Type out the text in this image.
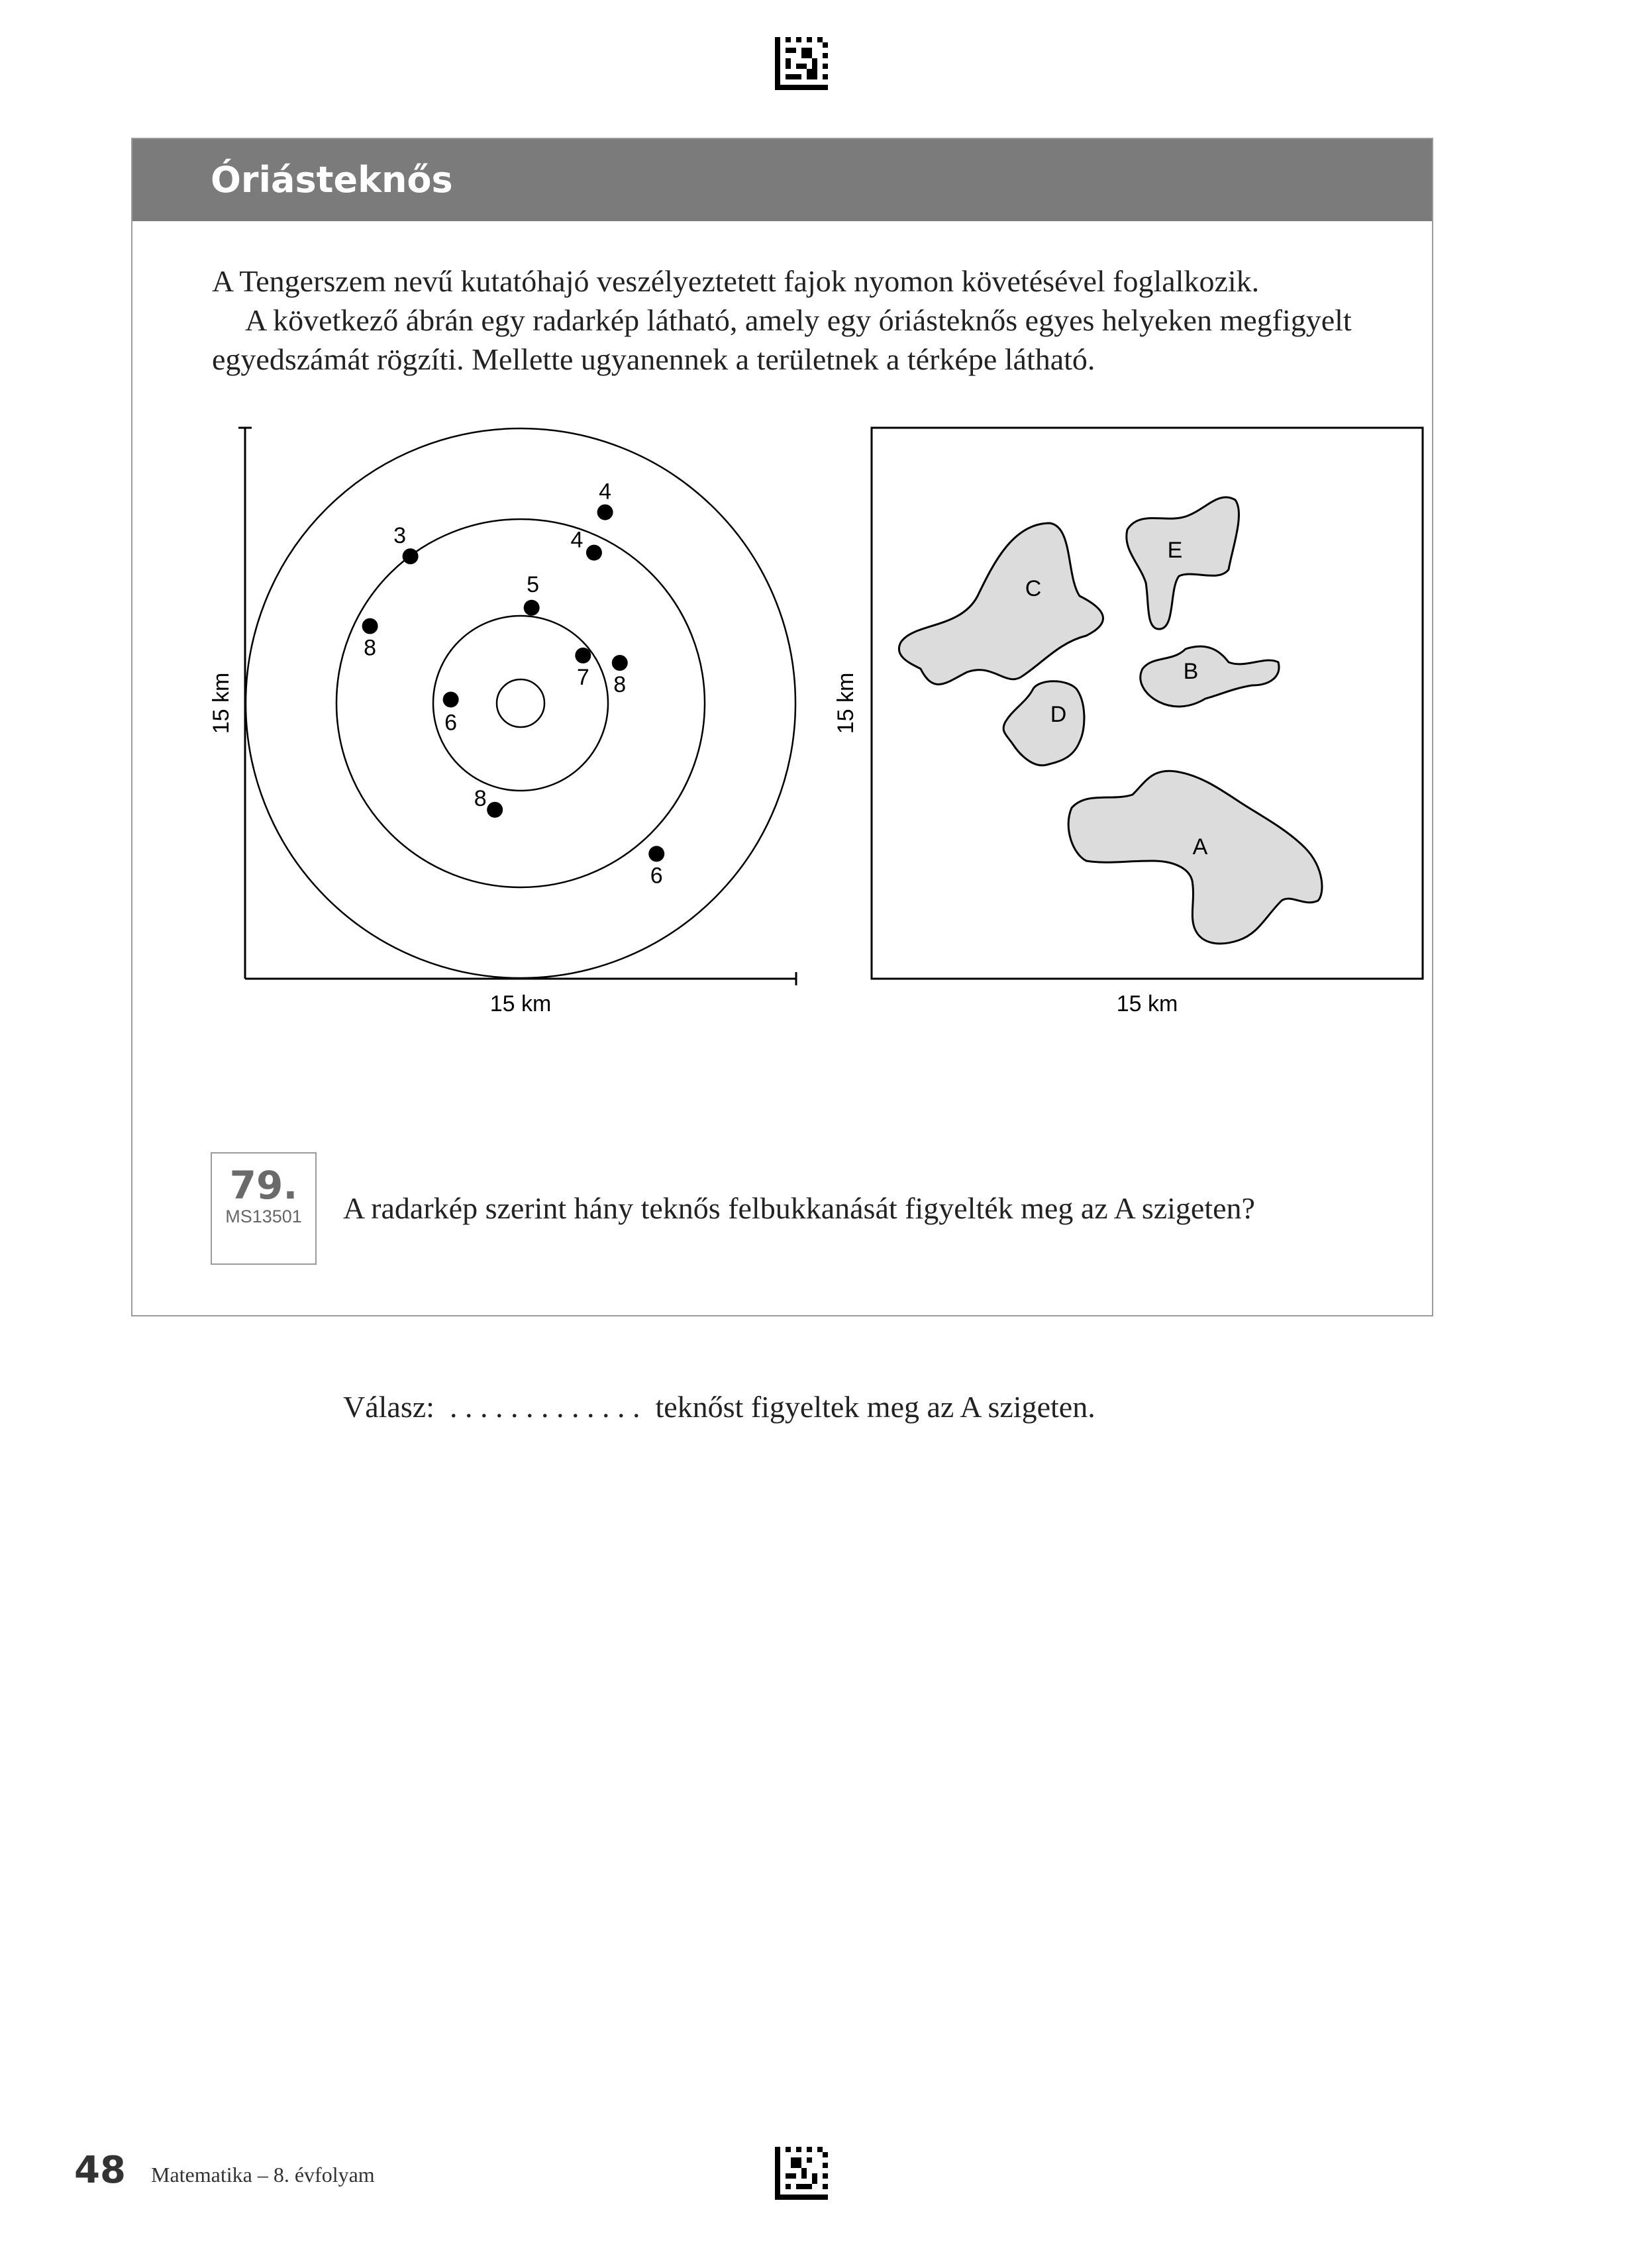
Óriásteknős

A Tengerszem nevű kutatóhajó veszélyeztetett fajok nyomon követésével foglalkozik.

A következő ábrán egy radarkép látható, amely egy óriásteknős egyes helyeken megfigyelt egyedszámát rögzíti. Mellette ugyanennek a területnek a térképe látható.

15 km
15 km
4
4
3
5
8
7 8
6
8
6
15 km
15 km
C
E
B
D
A
79.
MS13501	A radarkép szerint hány teknős felbukkanását figyelték meg az A szigeten?
Válasz: . . . . . . . . . . . . . teknőst figyeltek meg az A szigeten.
48 Matematika – 8. évfolyam
